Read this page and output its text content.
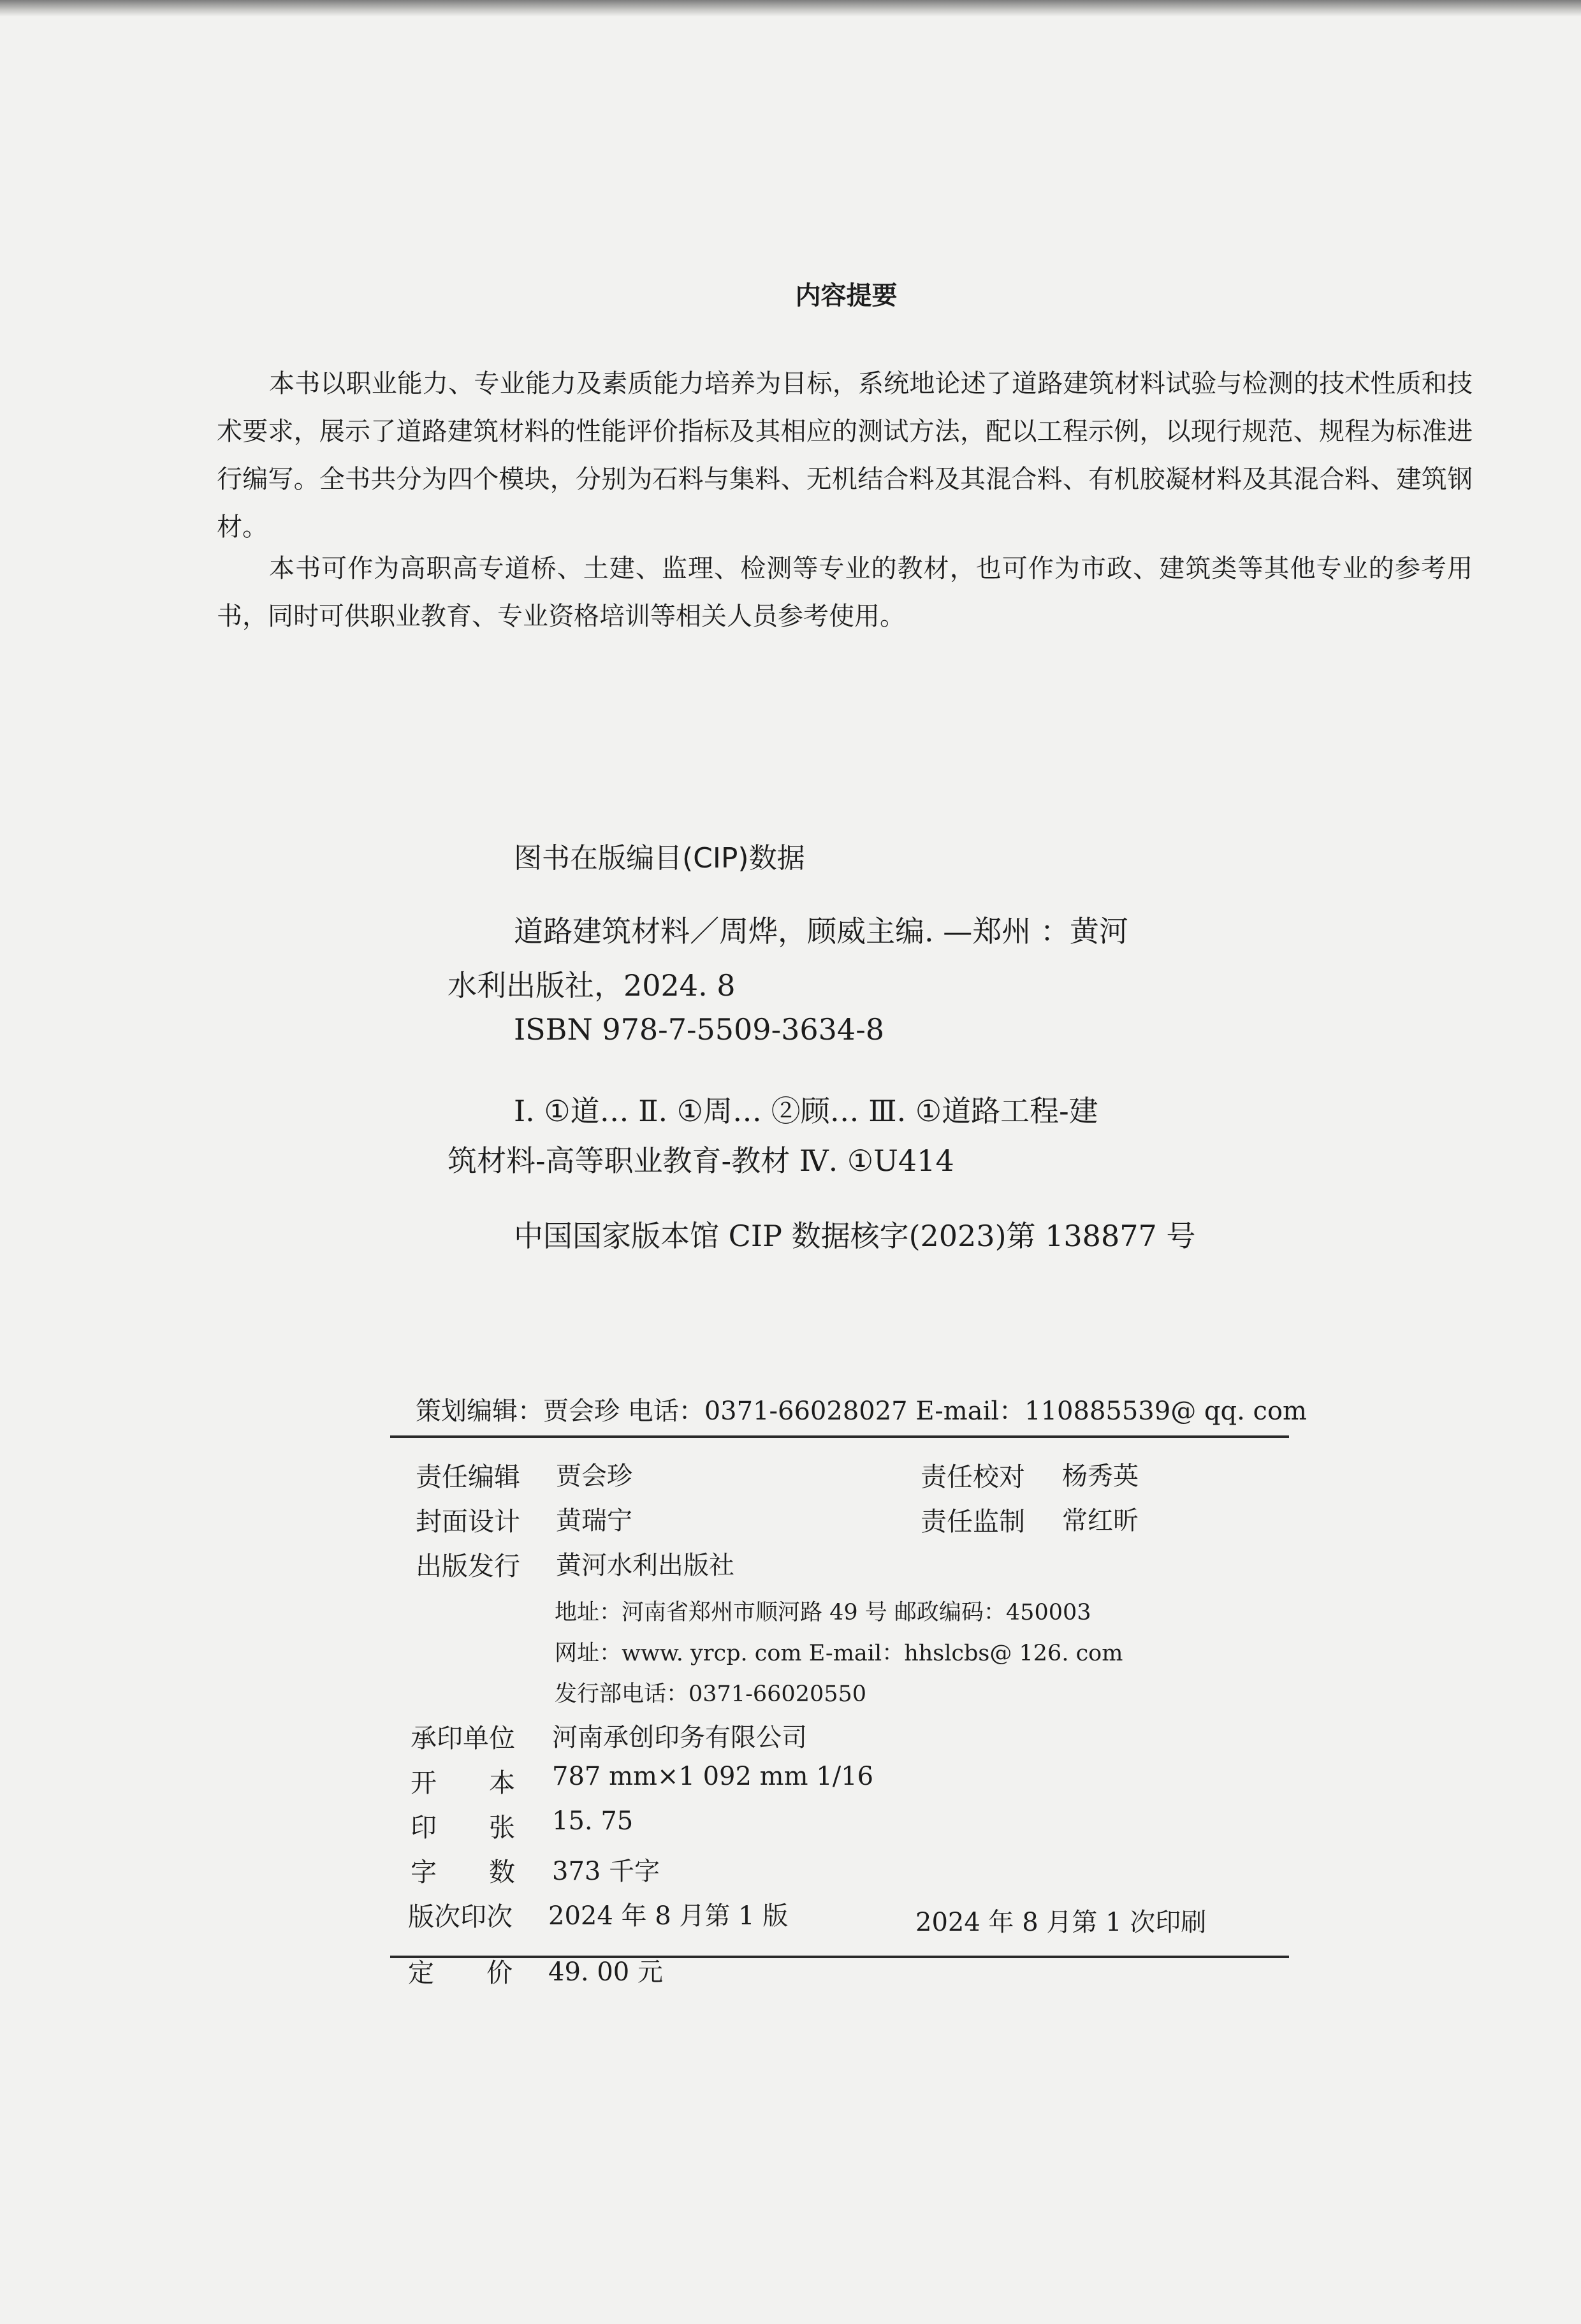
内容提要
本书以职业能力、专业能力及素质能力培养为目标，系统地论述了道路建筑材料试验与检测的技术性质和技术要求，展示了道路建筑材料的性能评价指标及其相应的测试方法，配以工程示例，以现行规范、规程为标准进行编写。全书共分为四个模块，分别为石料与集料、无机结合料及其混合料、有机胶凝材料及其混合料、建筑钢材。
本书可作为高职高专道桥、土建、监理、检测等专业的教材，也可作为市政、建筑类等其他专业的参考用书，同时可供职业教育、专业资格培训等相关人员参考使用。
图书在版编目(CIP)数据
道路建筑材料／周烨，顾威主编. —郑州 ：黄河
水利出版社，2024. 8
ISBN 978-7-5509-3634-8
Ⅰ. ①道… Ⅱ. ①周… ②顾… Ⅲ. ①道路工程-建
筑材料-高等职业教育-教材 Ⅳ. ①U414
中国国家版本馆 CIP 数据核字(2023)第 138877 号
策划编辑：贾会珍 电话：0371-66028027 E-mail：110885539@ qq. com
责任编辑 贾会珍	责任校对 杨秀英
封面设计 黄瑞宁	责任监制 常红昕
出版发行 黄河水利出版社
地址：河南省郑州市顺河路 49 号 邮政编码：450003
网址：www. yrcp. com E-mail：hhslcbs@ 126. com
发行部电话：0371-66020550
承印单位 河南承创印务有限公司
开　　本 787 mm×1 092 mm 1/16
印　　张 15. 75
字　　数 373 千字
版次印次 2024 年 8 月第 1 版	2024 年 8 月第 1 次印刷
定　　价 49. 00 元
